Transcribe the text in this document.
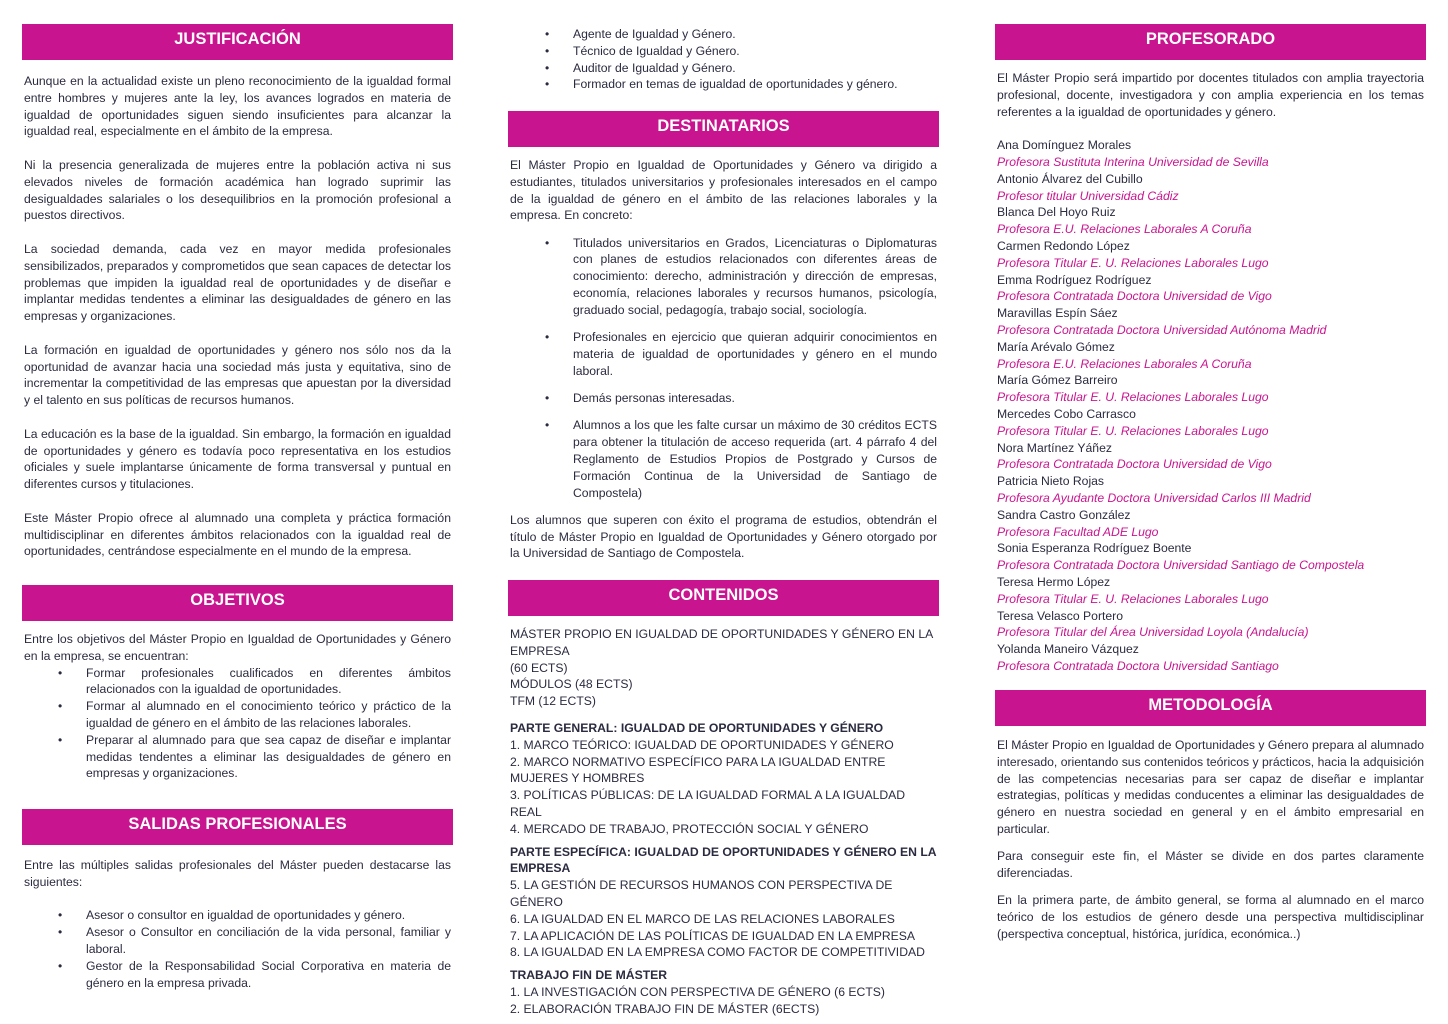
JUSTIFICACIÓN

Aunque en la actualidad existe un pleno reconocimiento de la igualdad formal entre hombres y mujeres ante la ley, los avances logrados en materia de igualdad de oportunidades siguen siendo insuficientes para alcanzar la igualdad real, especialmente en el ámbito de la empresa.

Ni la presencia generalizada de mujeres entre la población activa ni sus elevados niveles de formación académica han logrado suprimir las desigualdades salariales o los desequilibrios en la promoción profesional a puestos directivos.

La sociedad demanda, cada vez en mayor medida profesionales sensibilizados, preparados y comprometidos que sean capaces de detectar los problemas que impiden la igualdad real de oportunidades y de diseñar e implantar medidas tendentes a eliminar las desigualdades de género en las empresas y organizaciones.

La formación en igualdad de oportunidades y género nos sólo nos da la oportunidad de avanzar hacia una sociedad más justa y equitativa, sino de incrementar la competitividad de las empresas que apuestan por la diversidad y el talento en sus políticas de recursos humanos.

La educación es la base de la igualdad. Sin embargo, la formación en igualdad de oportunidades y género es todavía poco representativa en los estudios oficiales y suele implantarse únicamente de forma transversal y puntual en diferentes cursos y titulaciones.

Este Máster Propio ofrece al alumnado una completa y práctica formación multidisciplinar en diferentes ámbitos relacionados con la igualdad real de oportunidades, centrándose especialmente en el mundo de la empresa.

OBJETIVOS

Entre los objetivos del Máster Propio en Igualdad de Oportunidades y Género en la empresa, se encuentran:

• Formar profesionales cualificados en diferentes ámbitos relacionados con la igualdad de oportunidades.
• Formar al alumnado en el conocimiento teórico y práctico de la igualdad de género en el ámbito de las relaciones laborales.
• Preparar al alumnado para que sea capaz de diseñar e implantar medidas tendentes a eliminar las desigualdades de género en empresas y organizaciones.
SALIDAS PROFESIONALES

Entre las múltiples salidas profesionales del Máster pueden destacarse las siguientes:

• Asesor o consultor en igualdad de oportunidades y género.
• Asesor o Consultor en conciliación de la vida personal, familiar y laboral.
• Gestor de la Responsabilidad Social Corporativa en materia de género en la empresa privada.
• Agente de Igualdad y Género.
• Técnico de Igualdad y Género.
• Auditor de Igualdad y Género.
• Formador en temas de igualdad de oportunidades y género.
DESTINATARIOS

El Máster Propio en Igualdad de Oportunidades y Género va dirigido a estudiantes, titulados universitarios y profesionales interesados en el campo de la igualdad de género en el ámbito de las relaciones laborales y la empresa. En concreto:

• Titulados universitarios en Grados, Licenciaturas o Diplomaturas con planes de estudios relacionados con diferentes áreas de conocimiento: derecho, administración y dirección de empresas, economía, relaciones laborales y recursos humanos, psicología, graduado social, pedagogía, trabajo social, sociología.
• Profesionales en ejercicio que quieran adquirir conocimientos en materia de igualdad de oportunidades y género en el mundo laboral.
• Demás personas interesadas.
• Alumnos a los que les falte cursar un máximo de 30 créditos ECTS para obtener la titulación de acceso requerida (art. 4 párrafo 4 del Reglamento de Estudios Propios de Postgrado y Cursos de Formación Continua de la Universidad de Santiago de Compostela)

Los alumnos que superen con éxito el programa de estudios, obtendrán el título de Máster Propio en Igualdad de Oportunidades y Género otorgado por la Universidad de Santiago de Compostela.

CONTENIDOS

MÁSTER PROPIO EN IGUALDAD DE OPORTUNIDADES Y GÉNERO EN LA EMPRESA

(60 ECTS)

MÓDULOS (48 ECTS)

TFM (12 ECTS)

PARTE GENERAL: IGUALDAD DE OPORTUNIDADES Y GÉNERO

1. MARCO TEÓRICO: IGUALDAD DE OPORTUNIDADES Y GÉNERO

2. MARCO NORMATIVO ESPECÍFICO PARA LA IGUALDAD ENTRE MUJERES Y HOMBRES

3. POLÍTICAS PÚBLICAS: DE LA IGUALDAD FORMAL A LA IGUALDAD REAL

4. MERCADO DE TRABAJO, PROTECCIÓN SOCIAL Y GÉNERO

PARTE ESPECÍFICA: IGUALDAD DE OPORTUNIDADES Y GÉNERO EN LA EMPRESA

5. LA GESTIÓN DE RECURSOS HUMANOS CON PERSPECTIVA DE GÉNERO

6. LA IGUALDAD EN EL MARCO DE LAS RELACIONES LABORALES

7. LA APLICACIÓN DE LAS POLÍTICAS DE IGUALDAD EN LA EMPRESA

8. LA IGUALDAD EN LA EMPRESA COMO FACTOR DE COMPETITIVIDAD

TRABAJO FIN DE MÁSTER

1. LA INVESTIGACIÓN CON PERSPECTIVA DE GÉNERO (6 ECTS)

2. ELABORACIÓN TRABAJO FIN DE MÁSTER (6ECTS)

PROFESORADO

El Máster Propio será impartido por docentes titulados con amplia trayectoria profesional, docente, investigadora y con amplia experiencia en los temas referentes a la igualdad de oportunidades y género.

Ana Domínguez Morales
Profesora Sustituta Interina Universidad de Sevilla
Antonio Álvarez del Cubillo
Profesor titular Universidad Cádiz
Blanca Del Hoyo Ruiz
Profesora E.U. Relaciones Laborales A Coruña
Carmen Redondo López
Profesora Titular E. U. Relaciones Laborales Lugo
Emma Rodríguez Rodríguez
Profesora Contratada Doctora Universidad de Vigo
Maravillas Espín Sáez
Profesora Contratada Doctora Universidad Autónoma Madrid
María Arévalo Gómez
Profesora E.U. Relaciones Laborales A Coruña
María Gómez Barreiro
Profesora Titular E. U. Relaciones Laborales Lugo
Mercedes Cobo Carrasco
Profesora Titular E. U. Relaciones Laborales Lugo
Nora Martínez Yáñez
Profesora Contratada Doctora Universidad de Vigo
Patricia Nieto Rojas
Profesora Ayudante Doctora Universidad Carlos III Madrid
Sandra Castro González
Profesora Facultad ADE Lugo
Sonia Esperanza Rodríguez Boente
Profesora Contratada Doctora Universidad Santiago de Compostela
Teresa Hermo López
Profesora Titular E. U. Relaciones Laborales Lugo
Teresa Velasco Portero
Profesora Titular del Área Universidad Loyola (Andalucía)
Yolanda Maneiro Vázquez
Profesora Contratada Doctora Universidad Santiago
METODOLOGÍA

El Máster Propio en Igualdad de Oportunidades y Género prepara al alumnado interesado, orientando sus contenidos teóricos y prácticos, hacia la adquisición de las competencias necesarias para ser capaz de diseñar e implantar estrategias, políticas y medidas conducentes a eliminar las desigualdades de género en nuestra sociedad en general y en el ámbito empresarial en particular.

Para conseguir este fin, el Máster se divide en dos partes claramente diferenciadas.

En la primera parte, de ámbito general, se forma al alumnado en el marco teórico de los estudios de género desde una perspectiva multidisciplinar (perspectiva conceptual, histórica, jurídica, económica..)
